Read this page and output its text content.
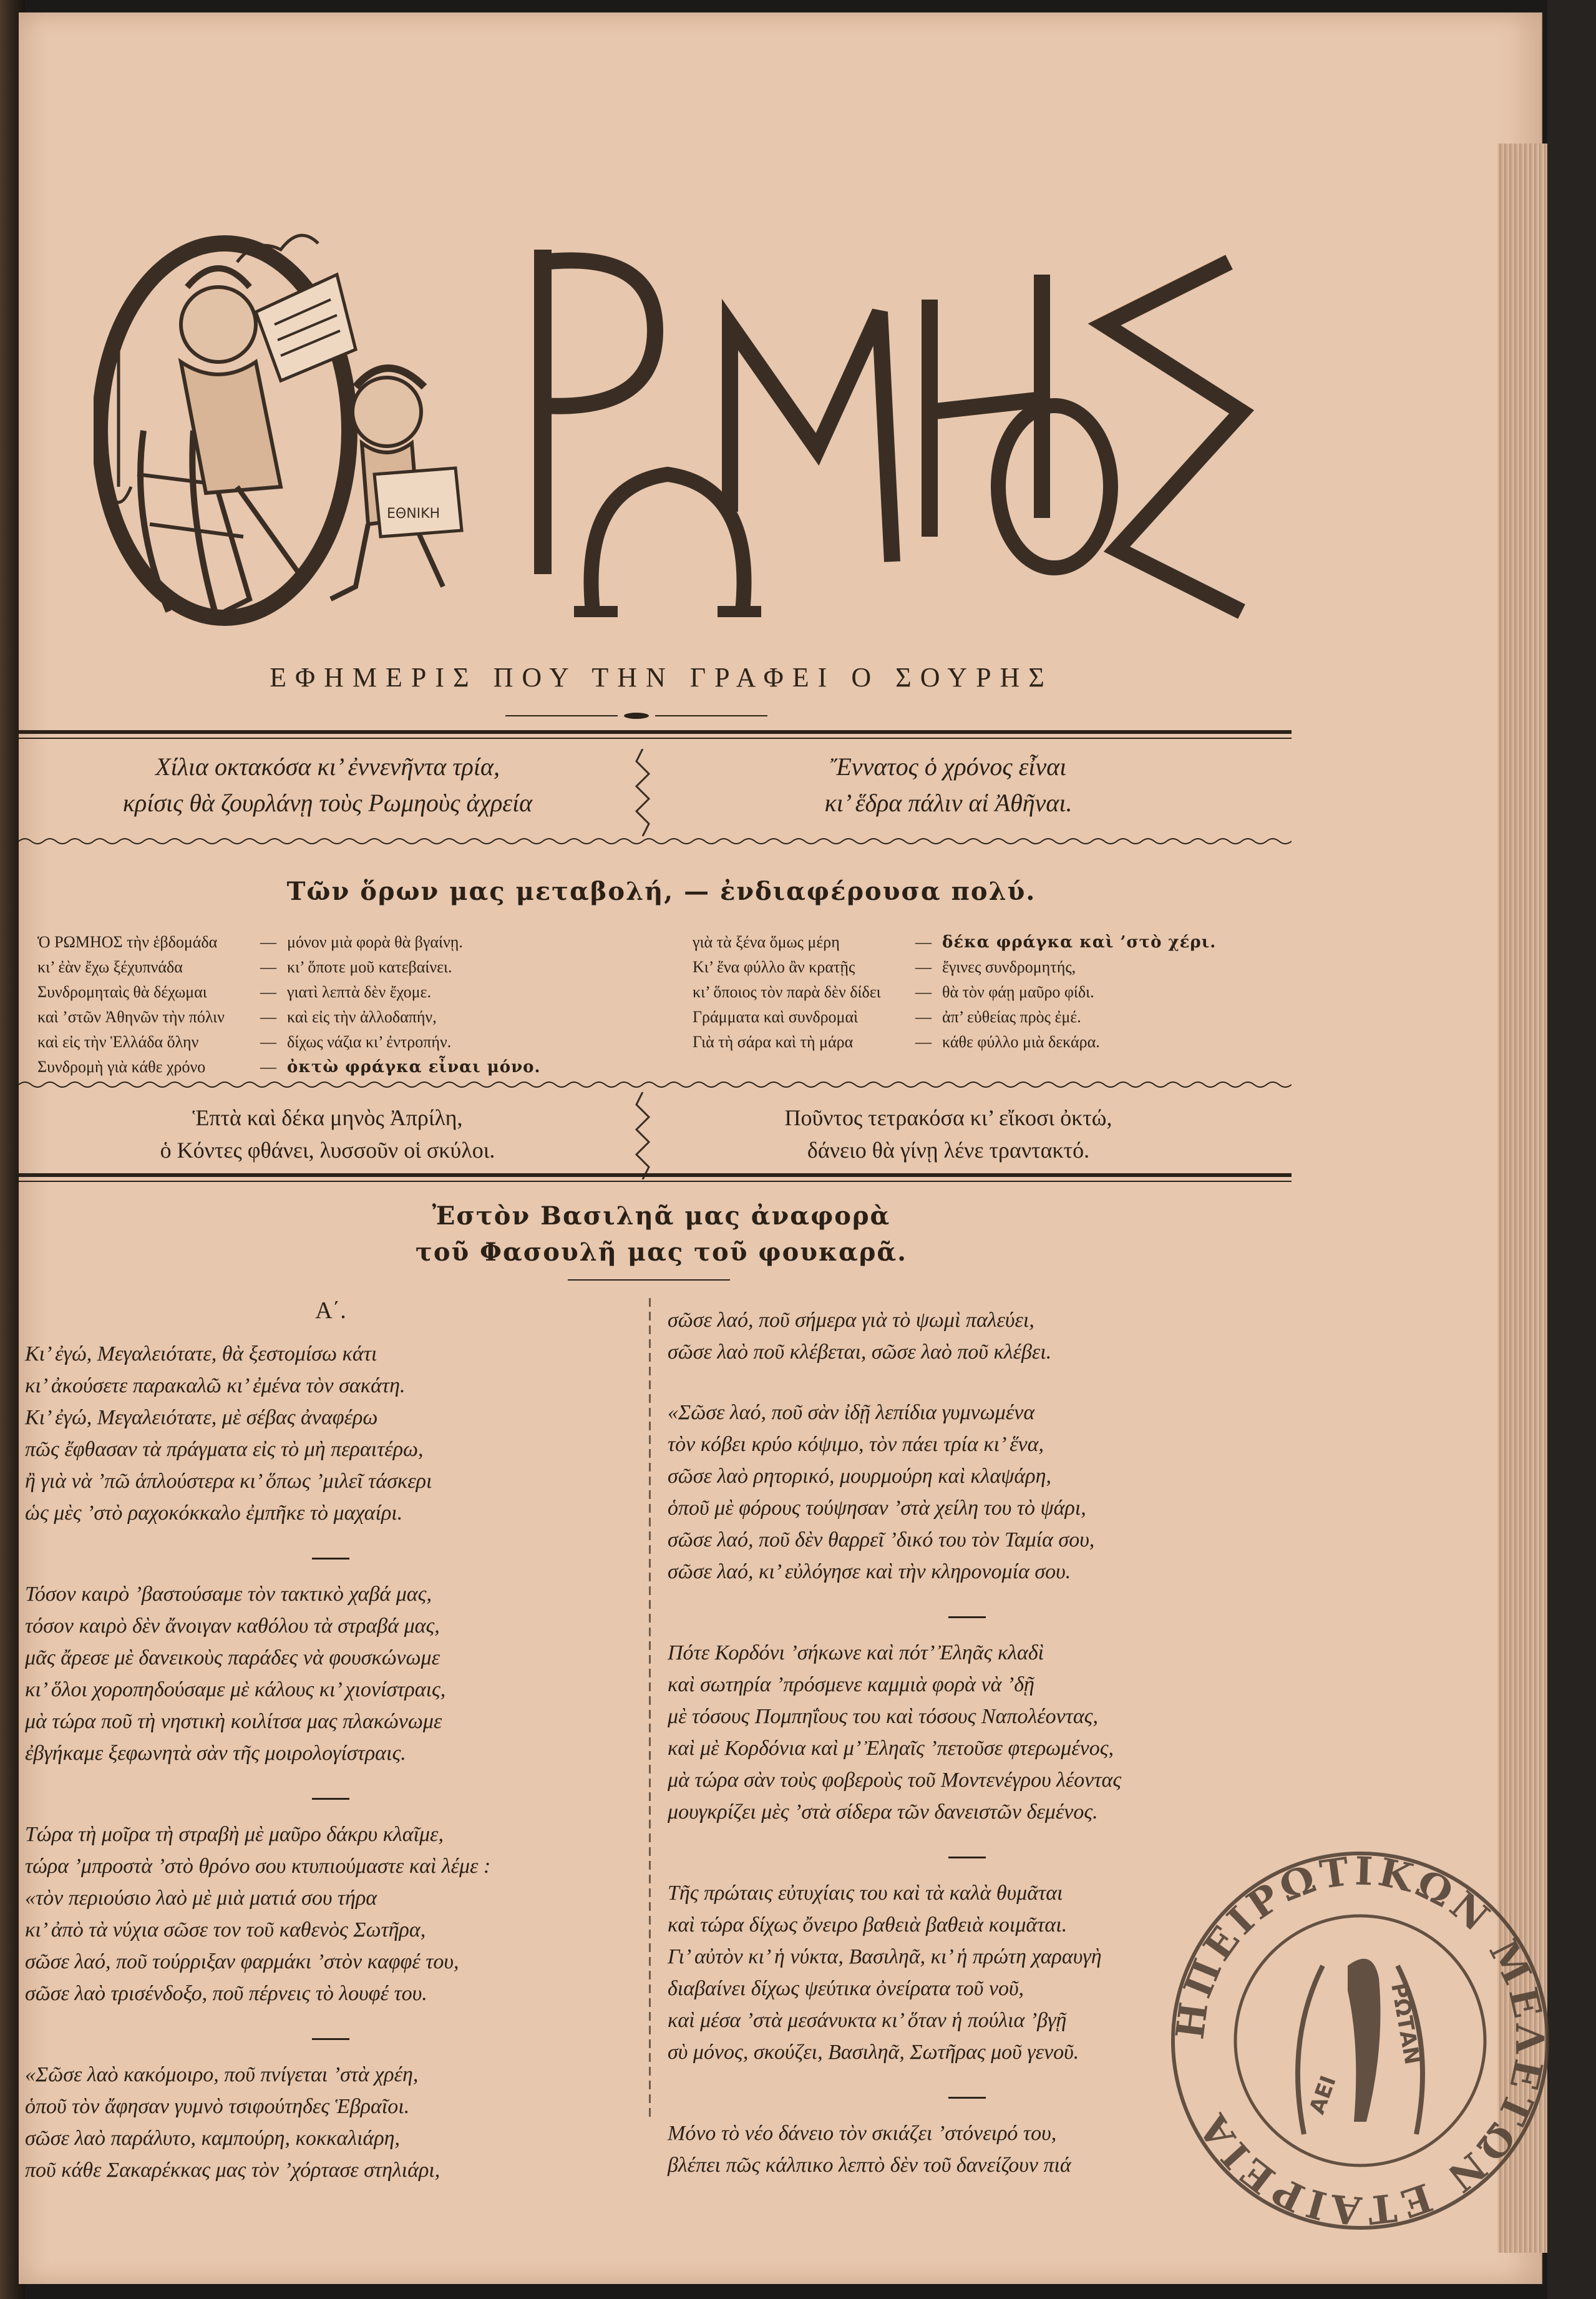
ΕΘΝΙΚΗ
ΕΦΗΜΕΡΙΣ ΠΟΥ ΤΗΝ ΓΡΑΦΕΙ Ο ΣΟΥΡΗΣ
Χίλια οκτακόσα κι’ ἐννενῆντα τρία,
κρίσις θὰ ζουρλάνῃ τοὺς Ρωμηοὺς ἀχρεία
Ἔννατος ὁ χρόνος εἶναι
κι’ ἕδρα πάλιν αἱ Ἀθῆναι.
Τῶν ὅρων μας μεταβολή, — ἐνδιαφέρουσα πολύ.
Ὁ ΡΩΜΗΟΣ τὴν ἑβδομάδα	— μόνον μιὰ φορὰ θὰ βγαίνῃ.
κι’ ἐὰν ἔχω ξέχυπνάδα	— κι’ ὅποτε μοῦ κατεβαίνει.
Συνδρομηταὶς θὰ δέχωμαι	— γιατὶ λεπτὰ δὲν ἔχομε.
καὶ ’στῶν Ἀθηνῶν τὴν πόλιν	— καὶ εἰς τὴν ἀλλοδαπήν,
καὶ εἰς τὴν Ἑλλάδα ὅλην	— δίχως νάζια κι’ ἐντροπήν.
Συνδρομὴ γιὰ κάθε χρόνο	— ὀκτὼ φράγκα εἶναι μόνο.
γιὰ τὰ ξένα ὅμως μέρη	— δέκα φράγκα καὶ ’στὸ χέρι.
Κι’ ἕνα φύλλο ἂν κρατῇς	— ἔγινες συνδρομητής,
κι’ ὅποιος τὸν παρὰ δὲν δίδει	— θὰ τὸν φάῃ μαῦρο φίδι.
Γράμματα καὶ συνδρομαὶ	— ἀπ’ εὐθείας πρὸς ἐμέ.
Γιὰ τὴ σάρα καὶ τὴ μάρα	— κάθε φύλλο μιὰ δεκάρα.
Ἑπτὰ καὶ δέκα μηνὸς Ἀπρίλη,
ὁ Κόντες φθάνει, λυσσοῦν οἱ σκύλοι.
Ποῦντος τετρακόσα κι’ εἴκοσι ὀκτώ,
δάνειο θὰ γίνῃ λένε τραντακτό.
Ἐστὸν Βασιληᾶ μας ἀναφορὰ
τοῦ Φασουλῆ μας τοῦ φουκαρᾶ.
Α΄.

Κι’ ἐγώ, Μεγαλειότατε, θὰ ξεστομίσω κάτι
κι’ ἀκούσετε παρακαλῶ κι’ ἐμένα τὸν σακάτη.
Κι’ ἐγώ, Μεγαλειότατε, μὲ σέβας ἀναφέρω
πῶς ἔφθασαν τὰ πράγματα εἰς τὸ μὴ περαιτέρω,
ἢ γιὰ νὰ ’πῶ ἁπλούστερα κι’ ὅπως ’μιλεῖ τάσκερι
ὡς μὲς ’στὸ ραχοκόκκαλο ἐμπῆκε τὸ μαχαίρι.

Τόσον καιρὸ ’βαστούσαμε τὸν τακτικὸ χαβά μας,
τόσον καιρὸ δὲν ἄνοιγαν καθόλου τὰ στραβά μας,
μᾶς ἄρεσε μὲ δανεικοὺς παράδες νὰ φουσκώνωμε
κι’ ὅλοι χοροπηδούσαμε μὲ κάλους κι’ χιονίστραις,
μὰ τώρα ποῦ τὴ νηστικὴ κοιλίτσα μας πλακώνωμε
ἐβγήκαμε ξεφωνητὰ σὰν τῆς μοιρολογίστραις.

Τώρα τὴ μοῖρα τὴ στραβὴ μὲ μαῦρο δάκρυ κλαῖμε,
τώρα ’μπροστὰ ’στὸ θρόνο σου κτυπιούμαστε καὶ λέμε :
«τὸν περιούσιο λαὸ μὲ μιὰ ματιά σου τήρα
κι’ ἀπὸ τὰ νύχια σῶσε τον τοῦ καθενὸς Σωτῆρα,
σῶσε λαό, ποῦ τούρριξαν φαρμάκι ’στὸν καφφέ του,
σῶσε λαὸ τρισένδοξο, ποῦ πέρνεις τὸ λουφέ του.

«Σῶσε λαὸ κακόμοιρο, ποῦ πνίγεται ’στὰ χρέη,
ὁποῦ τὸν ἄφησαν γυμνὸ τσιφούτηδες Ἑβραῖοι.
σῶσε λαὸ παράλυτο, καμπούρη, κοκκαλιάρη,
ποῦ κάθε Σακαρέκκας μας τὸν ’χόρτασε στηλιάρι,

σῶσε λαό, ποῦ σήμερα γιὰ τὸ ψωμὶ παλεύει,
σῶσε λαὸ ποῦ κλέβεται, σῶσε λαὸ ποῦ κλέβει.

«Σῶσε λαό, ποῦ σὰν ἰδῇ λεπίδια γυμνωμένα
τὸν κόβει κρύο κόψιμο, τὸν πάει τρία κι’ ἕνα,
σῶσε λαὸ ρητορικό, μουρμούρη καὶ κλαψάρη,
ὁποῦ μὲ φόρους τούψησαν ’στὰ χείλη του τὸ ψάρι,
σῶσε λαό, ποῦ δὲν θαρρεῖ ’δικό του τὸν Ταμία σου,
σῶσε λαό, κι’ εὐλόγησε καὶ τὴν κληρονομία σου.

Πότε Κορδόνι ’σήκωνε καὶ πότ’ Ἐληᾶς κλαδὶ
καὶ σωτηρία ’πρόσμενε καμμιὰ φορὰ νὰ ’δῇ
μὲ τόσους Πομπηΐους του καὶ τόσους Ναπολέοντας,
καὶ μὲ Κορδόνια καὶ μ’ Ἐληαῖς ’πετοῦσε φτερωμένος,
μὰ τώρα σὰν τοὺς φοβεροὺς τοῦ Μοντενέγρου λέοντας
μουγκρίζει μὲς ’στὰ σίδερα τῶν δανειστῶν δεμένος.

Τῆς πρώταις εὐτυχίαις του καὶ τὰ καλὰ θυμᾶται
καὶ τώρα δίχως ὄνειρο βαθειὰ βαθειὰ κοιμᾶται.
Γι’ αὐτὸν κι’ ἡ νύκτα, Βασιληᾶ, κι’ ἡ πρώτη χαραυγὴ
διαβαίνει δίχως ψεύτικα ὀνείρατα τοῦ νοῦ,
καὶ μέσα ’στὰ μεσάνυκτα κι’ ὅταν ἡ πούλια ’βγῇ
σὺ μόνος, σκούζει, Βασιληᾶ, Σωτῆρας μοῦ γενοῦ.

Μόνο τὸ νέο δάνειο τὸν σκιάζει ’στόνειρό του,
βλέπει πῶς κάλπικο λεπτὸ δὲν τοῦ δανείζουν πιά

ΗΠΕΙΡΩΤΙΚΩΝ ΜΕΛΕΤΩΝ ΕΤΑΙΡΕΙΑ
ΑΕΙ
ΡΩΤΑΝ
